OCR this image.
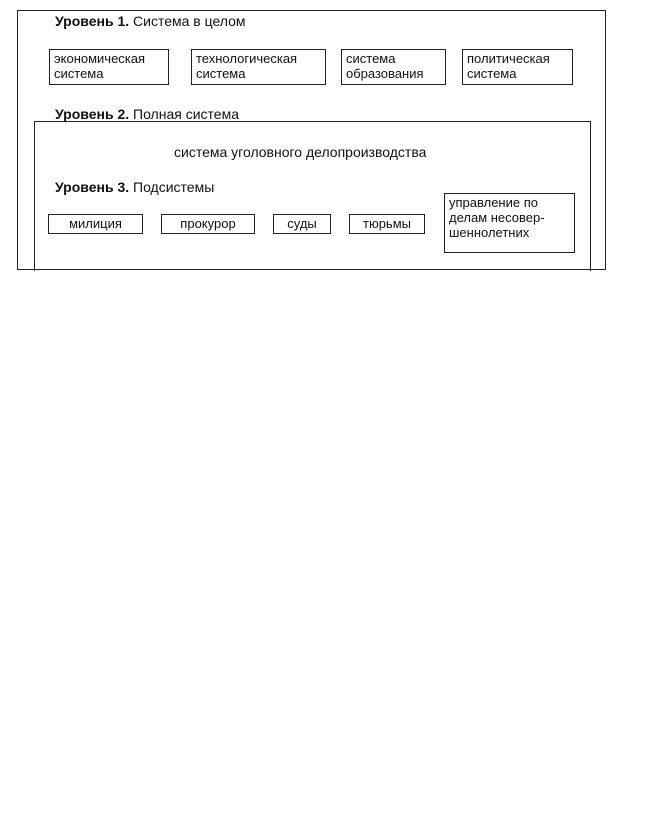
Уровень 1. Система в целом
экономическая
система
технологическая
система
система
образования
политическая
система
Уровень 2. Полная система
система уголовного делопроизводства
Уровень 3. Подсистемы
милиция	прокурор	суды	тюрьмы
управление по
делам несовер-
шеннолетних
